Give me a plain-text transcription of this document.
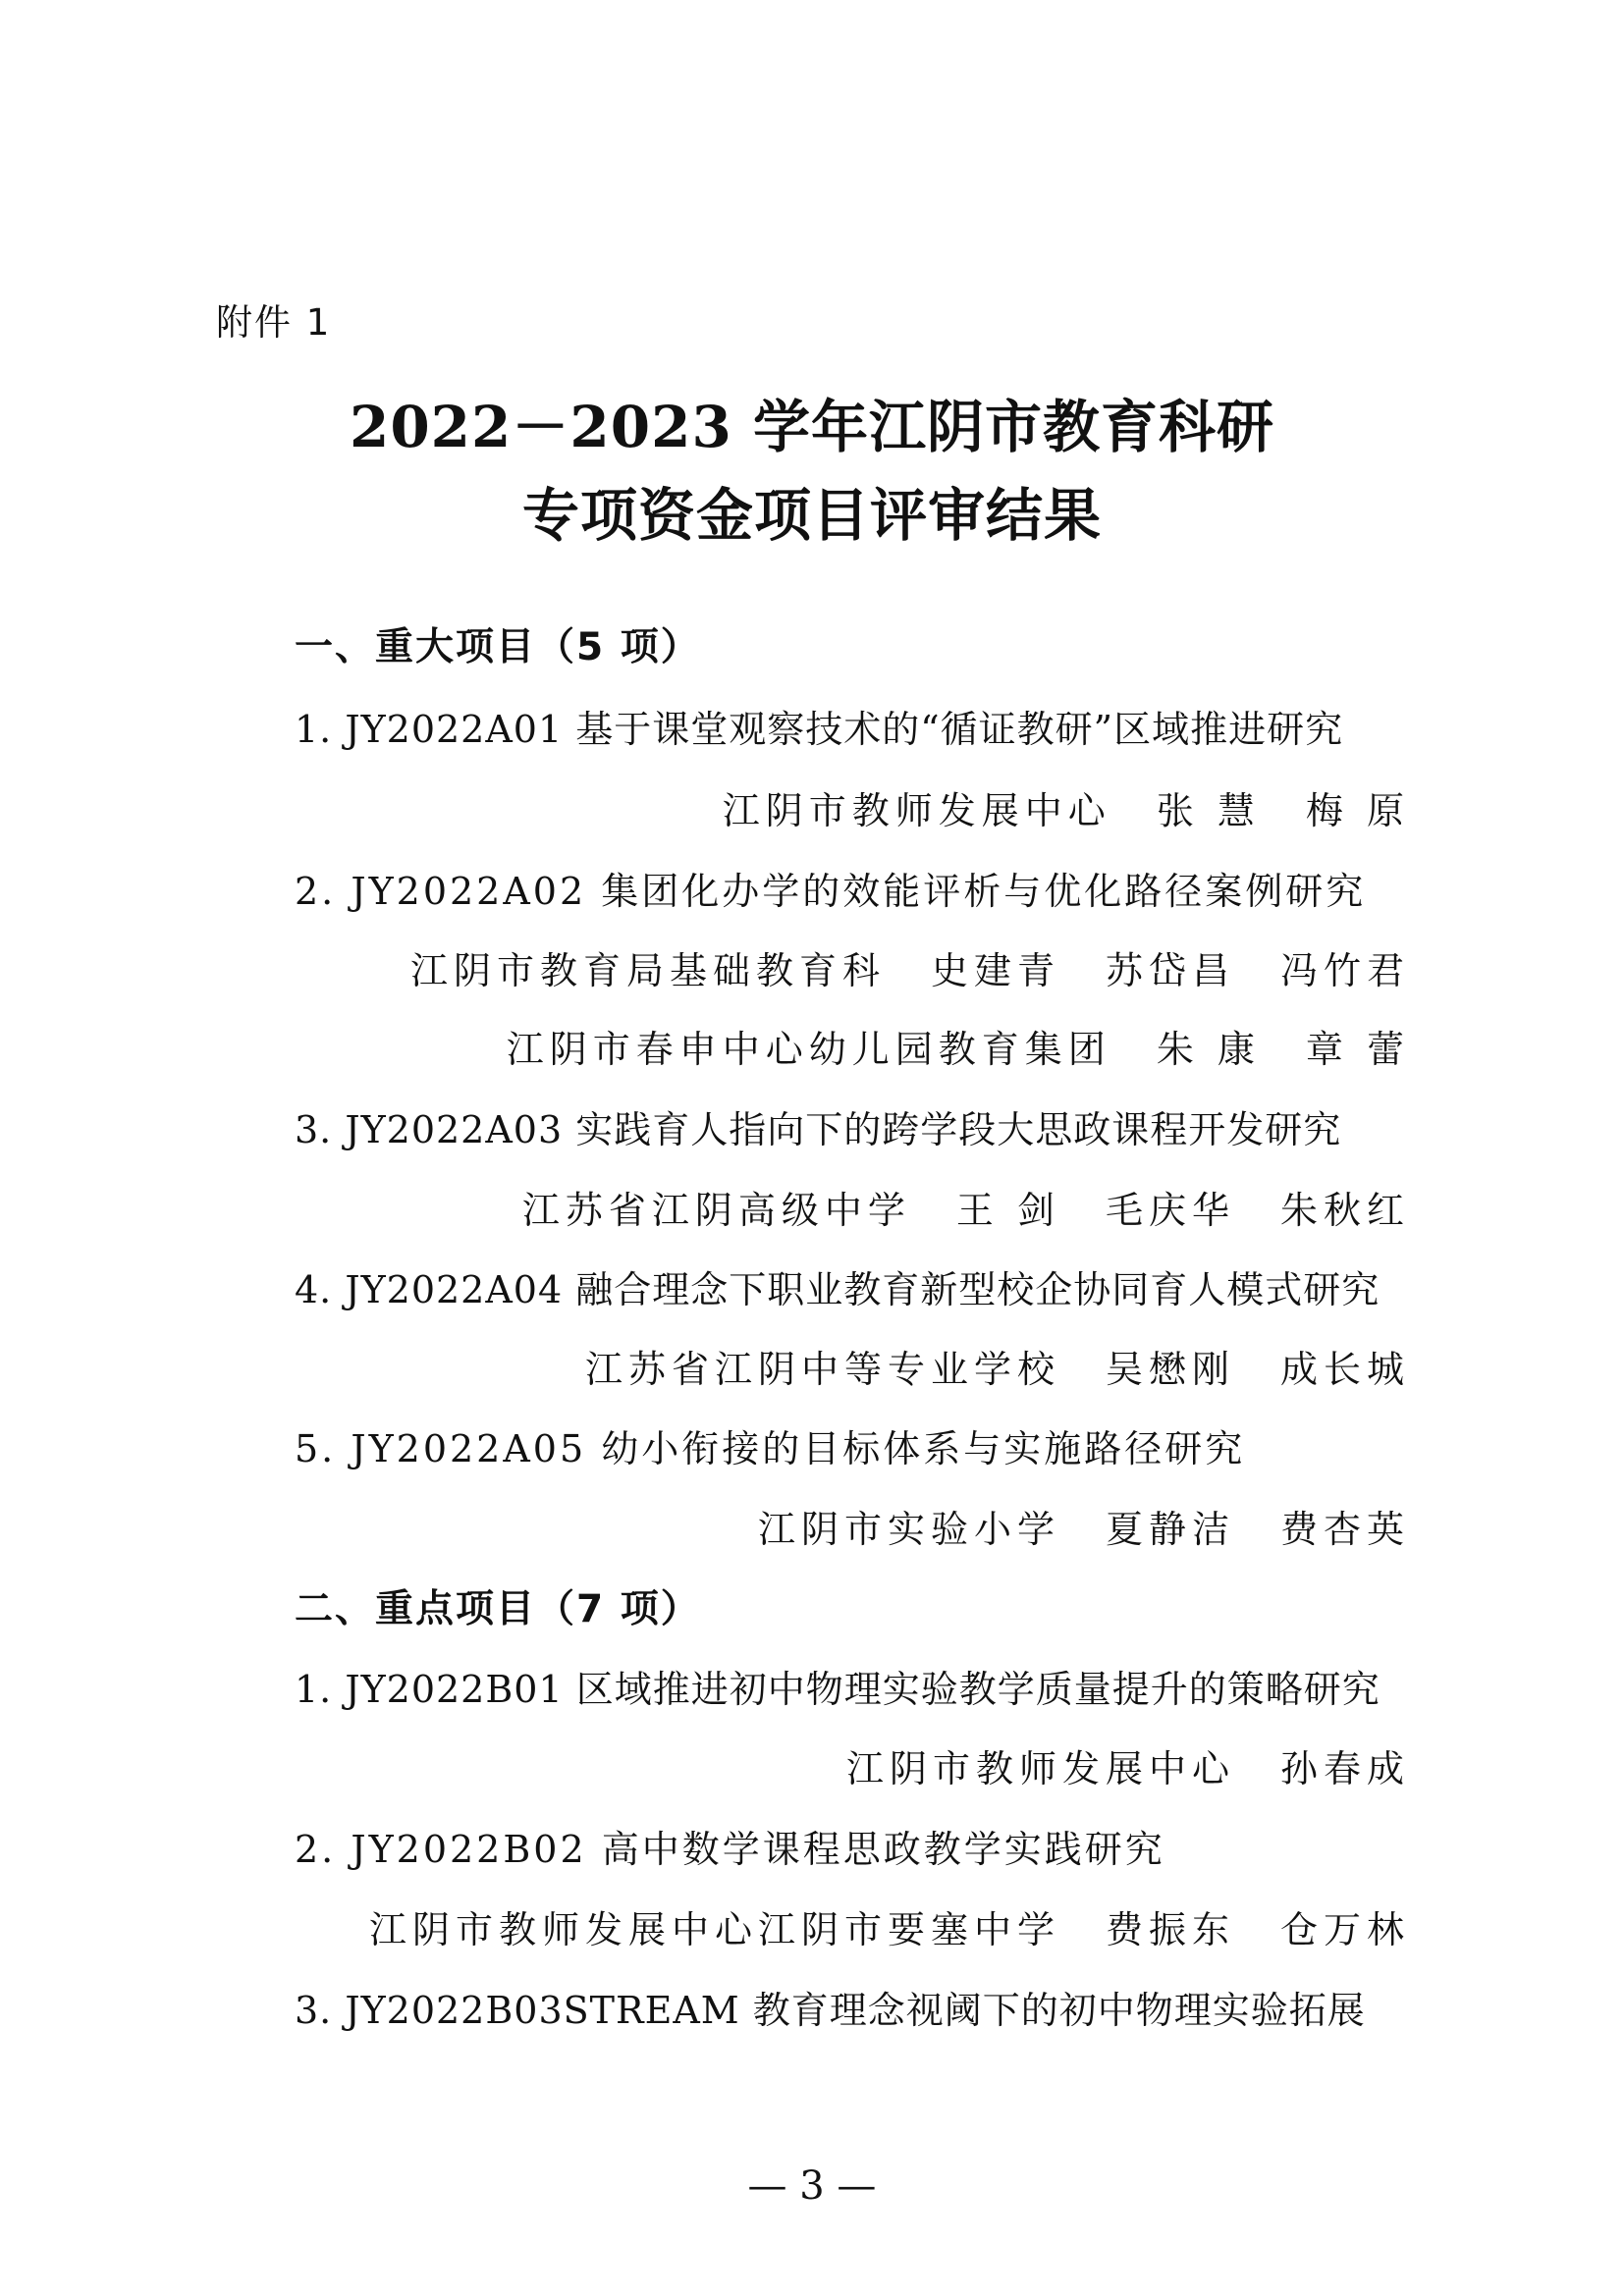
附件 1
2022－2023 学年江阴市教育科研
专项资金项目评审结果
一、重大项目（5 项）
1. JY2022A01 基于课堂观察技术的“循证教研”区域推进研究
江阴市教师发展中心 张 慧 梅 原
2. JY2022A02 集团化办学的效能评析与优化路径案例研究
江阴市教育局基础教育科 史建青 苏岱昌 冯竹君
江阴市春申中心幼儿园教育集团 朱 康 章 蕾
3. JY2022A03 实践育人指向下的跨学段大思政课程开发研究
江苏省江阴高级中学 王 剑 毛庆华 朱秋红
4. JY2022A04 融合理念下职业教育新型校企协同育人模式研究
江苏省江阴中等专业学校 吴懋刚 成长城
5. JY2022A05 幼小衔接的目标体系与实施路径研究
江阴市实验小学 夏静洁 费杏英
二、重点项目（7 项）
1. JY2022B01 区域推进初中物理实验教学质量提升的策略研究
江阴市教师发展中心 孙春成
2. JY2022B02 高中数学课程思政教学实践研究
江阴市教师发展中心江阴市要塞中学 费振东 仓万林
3. JY2022B03STREAM 教育理念视阈下的初中物理实验拓展
— 3 —
